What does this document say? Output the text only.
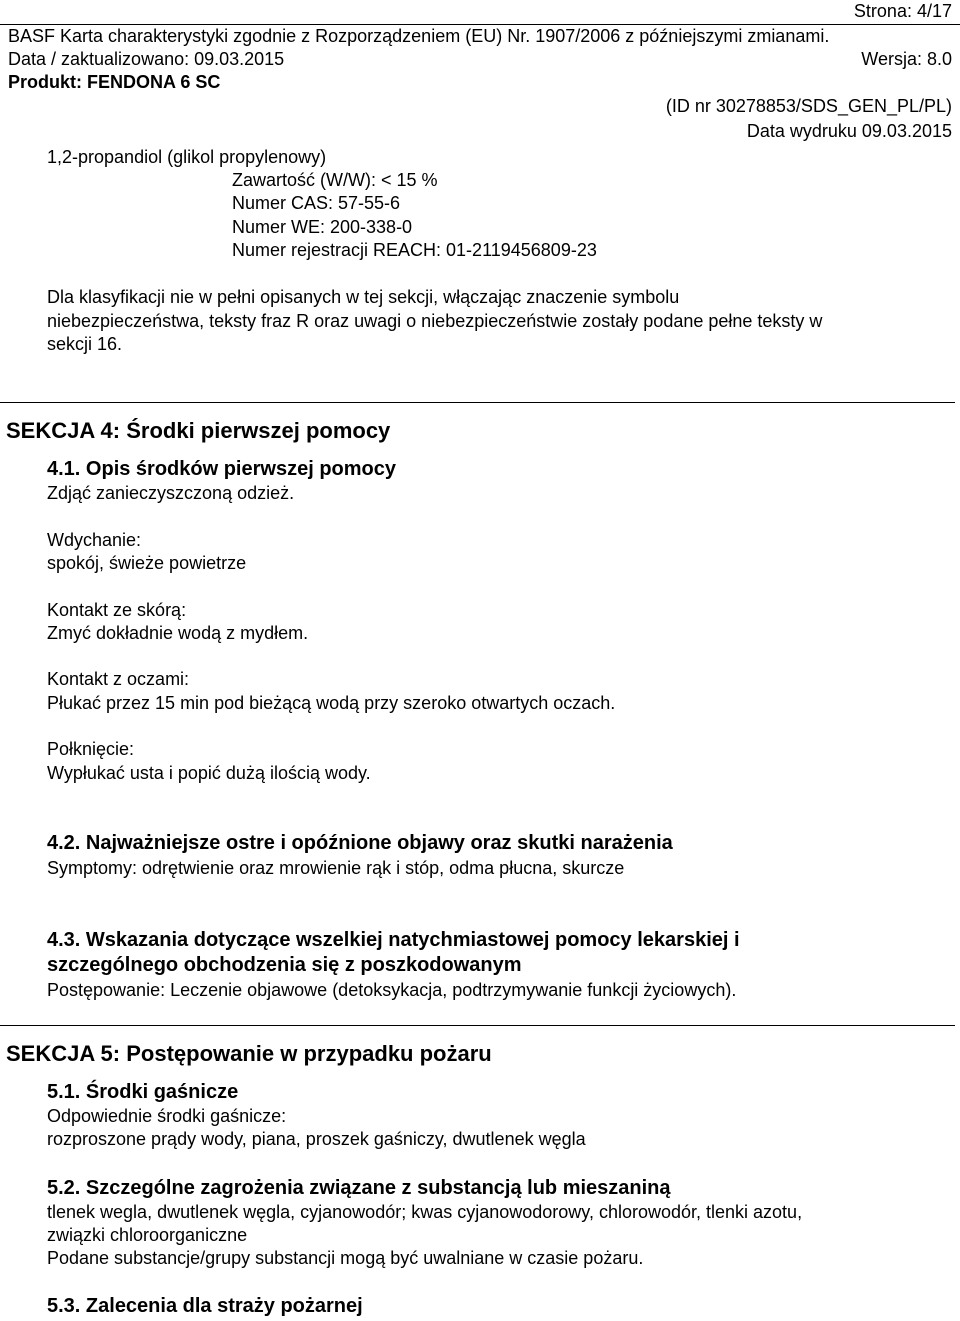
Strona: 4/17
BASF Karta charakterystyki zgodnie z Rozporządzeniem (EU) Nr. 1907/2006 z późniejszymi zmianami.
Data / zaktualizowano: 09.03.2015	Wersja: 8.0
Produkt: FENDONA 6 SC
(ID nr 30278853/SDS_GEN_PL/PL)
Data wydruku 09.03.2015
1,2-propandiol (glikol propylenowy)
Zawartość (W/W): < 15 %
Numer CAS: 57-55-6
Numer WE: 200-338-0
Numer rejestracji REACH: 01-2119456809-23
Dla klasyfikacji nie w pełni opisanych w tej sekcji, włączając znaczenie symbolu
niebezpieczeństwa, teksty fraz R oraz uwagi o niebezpieczeństwie zostały podane pełne teksty w
sekcji 16.
SEKCJA 4: Środki pierwszej pomocy
4.1. Opis środków pierwszej pomocy
Zdjąć zanieczyszczoną odzież.
Wdychanie:
spokój, świeże powietrze
Kontakt ze skórą:
Zmyć dokładnie wodą z mydłem.
Kontakt z oczami:
Płukać przez 15 min pod bieżącą wodą przy szeroko otwartych oczach.
Połknięcie:
Wypłukać usta i popić dużą ilością wody.
4.2. Najważniejsze ostre i opóźnione objawy oraz skutki narażenia
Symptomy: odrętwienie oraz mrowienie rąk i stóp, odma płucna, skurcze
4.3. Wskazania dotyczące wszelkiej natychmiastowej pomocy lekarskiej i
szczególnego obchodzenia się z poszkodowanym
Postępowanie: Leczenie objawowe (detoksykacja, podtrzymywanie funkcji życiowych).
SEKCJA 5: Postępowanie w przypadku pożaru
5.1. Środki gaśnicze
Odpowiednie środki gaśnicze:
rozproszone prądy wody, piana, proszek gaśniczy, dwutlenek węgla
5.2. Szczególne zagrożenia związane z substancją lub mieszaniną
tlenek wegla, dwutlenek węgla, cyjanowodór; kwas cyjanowodorowy, chlorowodór, tlenki azotu,
związki chloroorganiczne
Podane substancje/grupy substancji mogą być uwalniane w czasie pożaru.
5.3. Zalecenia dla straży pożarnej
